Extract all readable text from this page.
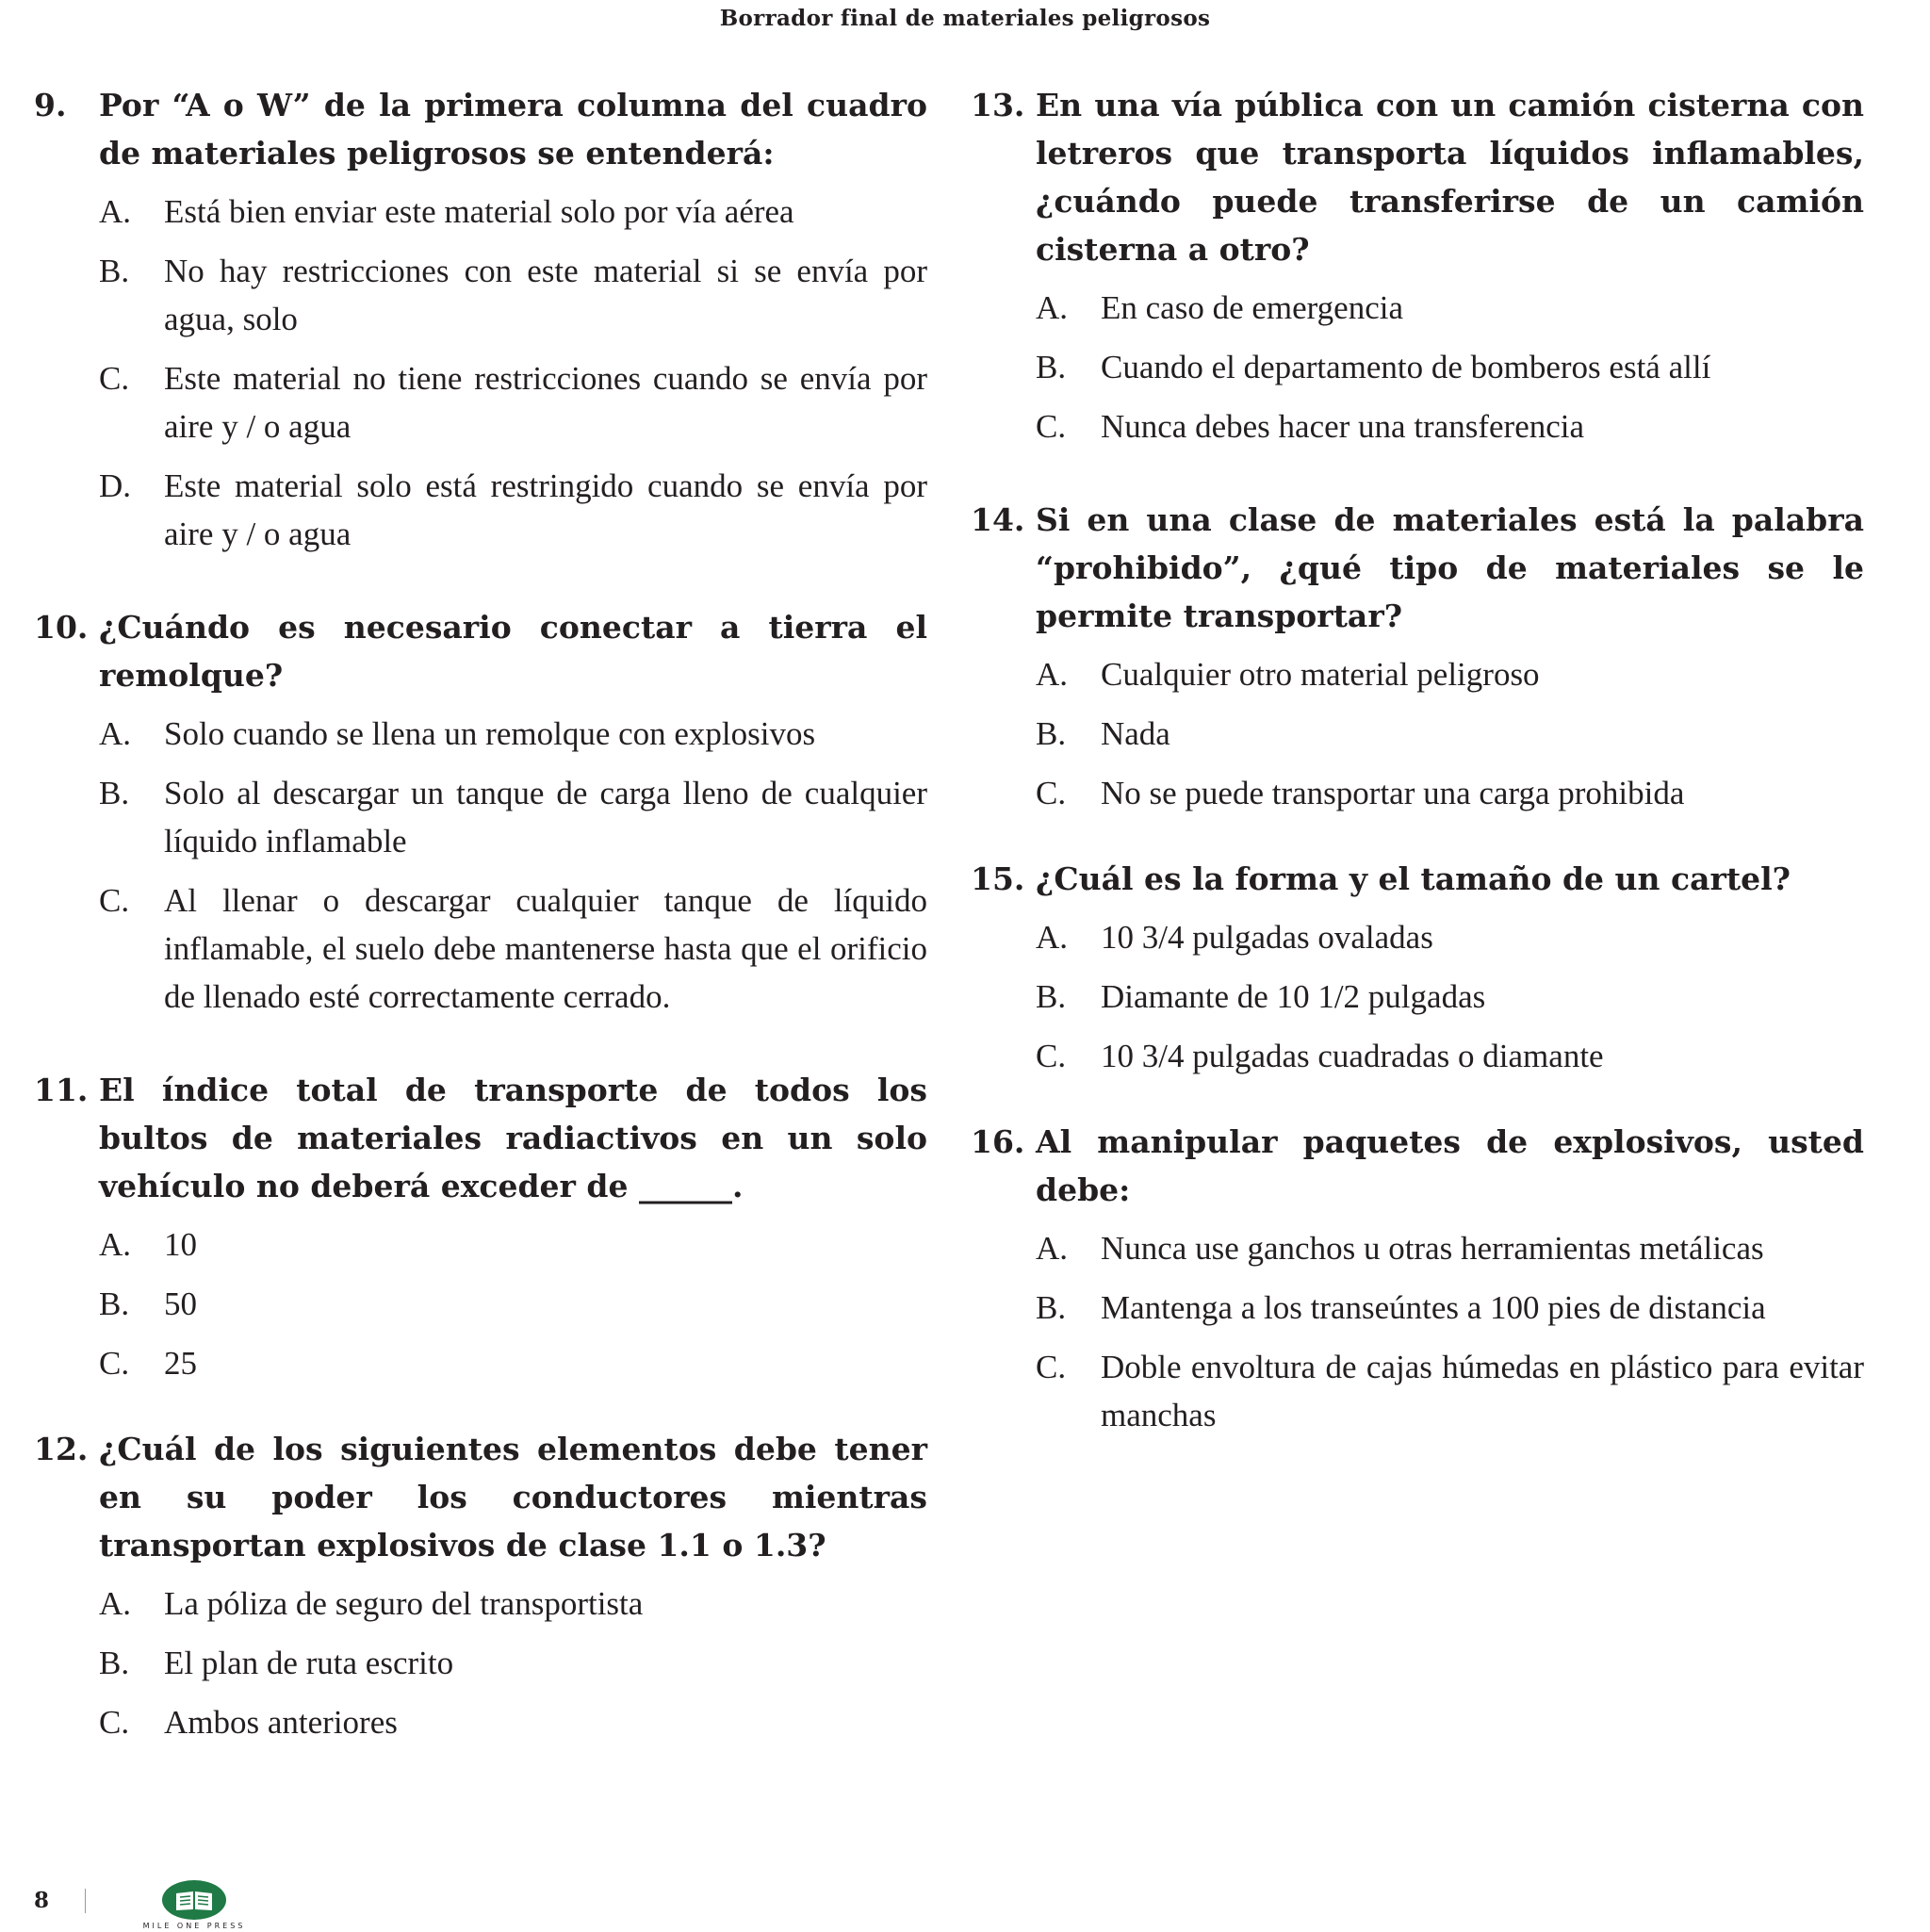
Borrador final de materiales peligrosos
9.	Por “A o W” de la primera columna del cuadro de materiales peligrosos se entenderá:
A. Está bien enviar este material solo por vía aérea
B.	No hay restricciones con este material si se envía por agua, solo
C.	Este material no tiene restricciones cuando se envía por aire y / o agua
D. Este material solo está restringido cuando se envía por aire y / o agua
10. ¿Cuándo es necesario conectar a tierra el remolque?
A. Solo cuando se llena un remolque con explosivos
B.	Solo al descargar un tanque de carga lleno de cualquier líquido inflamable
C.	Al llenar o descargar cualquier tanque de líquido inflamable, el suelo debe mantenerse hasta que el orificio de llenado esté correctamente cerrado.
11. El índice total de transporte de todos los bultos de materiales radiactivos en un solo vehículo no deberá exceder de ______.
A. 10
B.	50
C.	25
12. ¿Cuál de los siguientes elementos debe tener en su poder los conductores mientras transportan explosivos de clase 1.1 o 1.3?
A. La póliza de seguro del transportista
B.	El plan de ruta escrito
C.	Ambos anteriores
13. En una vía pública con un camión cisterna con letreros que transporta líquidos inflamables, ¿cuándo puede transferirse de un camión cisterna a otro?
A. En caso de emergencia
B.	Cuando el departamento de bomberos está allí
C.	Nunca debes hacer una transferencia
14. Si en una clase de materiales está la palabra “prohibido”, ¿qué tipo de materiales se le permite transportar?
A. Cualquier otro material peligroso
B.	Nada
C.	No se puede transportar una carga prohibida
15. ¿Cuál es la forma y el tamaño de un cartel?
A. 10 3/4 pulgadas ovaladas
B.	Diamante de 10 1/2 pulgadas
C.	10 3/4 pulgadas cuadradas o diamante
16. Al manipular paquetes de explosivos, usted debe:
A. Nunca use ganchos u otras herramientas metálicas
B.	Mantenga a los transeúntes a 100 pies de distancia
C.	Doble envoltura de cajas húmedas en plástico para evitar manchas
8
MILE ONE PRESS
